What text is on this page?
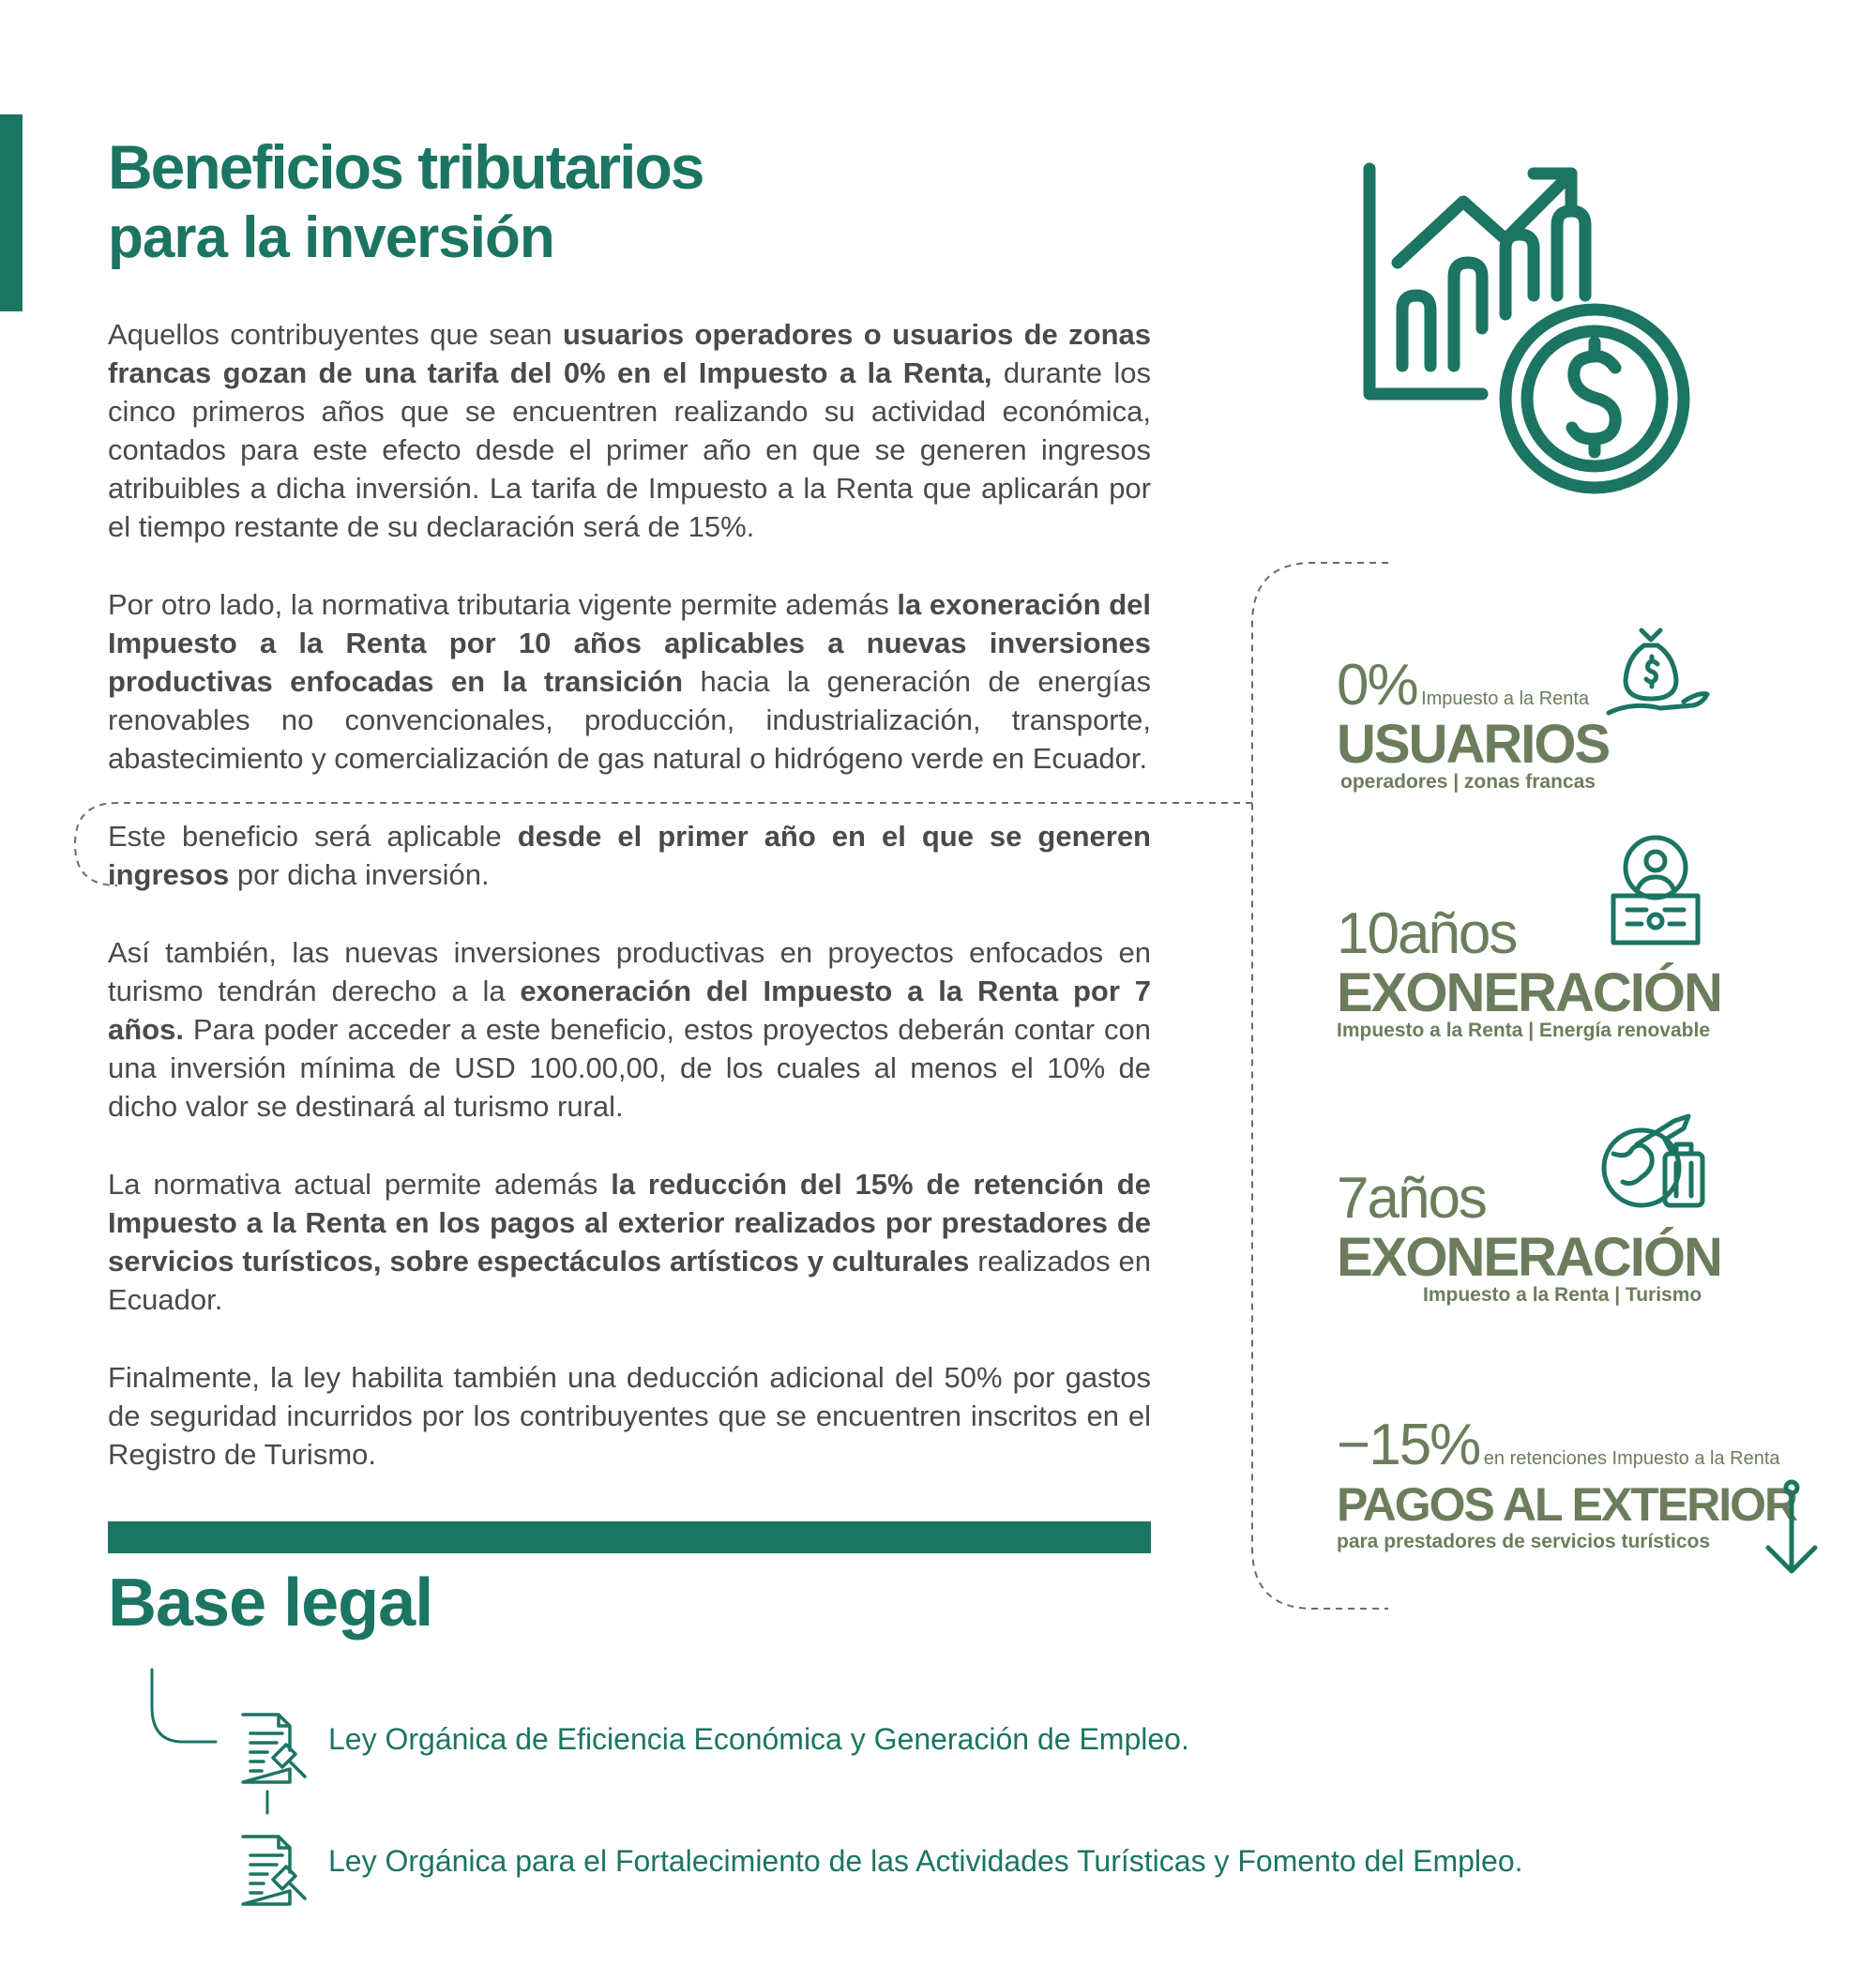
Beneficios tributarios
para la inversión

Aquellos contribuyentes que sean usuarios operadores o usuarios de zonas francas gozan de una tarifa del 0% en el Impuesto a la Renta, durante los cinco primeros años que se encuentren realizando su actividad económica, contados para este efecto desde el primer año en que se generen ingresos atribuibles a dicha inversión. La tarifa de Impuesto a la Renta que aplicarán por el tiempo restante de su declaración será de 15%.

Por otro lado, la normativa tributaria vigente permite además la exoneración del Impuesto a la Renta por 10 años aplicables a nuevas inversiones productivas enfocadas en la transición hacia la generación de energías renovables no convencionales, producción, industrialización, transporte, abastecimiento y comercialización de gas natural o hidrógeno verde en Ecuador.

Este beneficio será aplicable desde el primer año en el que se generen ingresos por dicha inversión.

Así también, las nuevas inversiones productivas en proyectos enfocados en turismo tendrán derecho a la exoneración del Impuesto a la Renta por 7 años. Para poder acceder a este beneficio, estos proyectos deberán contar con una inversión mínima de USD 100.00,00, de los cuales al menos el 10% de dicho valor se destinará al turismo rural.

La normativa actual permite además la reducción del 15% de retención de Impuesto a la Renta en los pagos al exterior realizados por prestadores de servicios turísticos, sobre espectáculos artísticos y culturales realizados en Ecuador.

Finalmente, la ley habilita también una deducción adicional del 50% por gastos de seguridad incurridos por los contribuyentes que se encuentren inscritos en el Registro de Turismo.

0% Impuesto a la Renta
USUARIOS
operadores | zonas francas
10años
EXONERACIÓN
Impuesto a la Renta | Energía renovable
7años
EXONERACIÓN
Impuesto a la Renta | Turismo
−15% en retenciones Impuesto a la Renta
PAGOS AL EXTERIOR
para prestadores de servicios turísticos
Base legal
Ley Orgánica de Eficiencia Económica y Generación de Empleo.
Ley Orgánica para el Fortalecimiento de las Actividades Turísticas y Fomento del Empleo.
